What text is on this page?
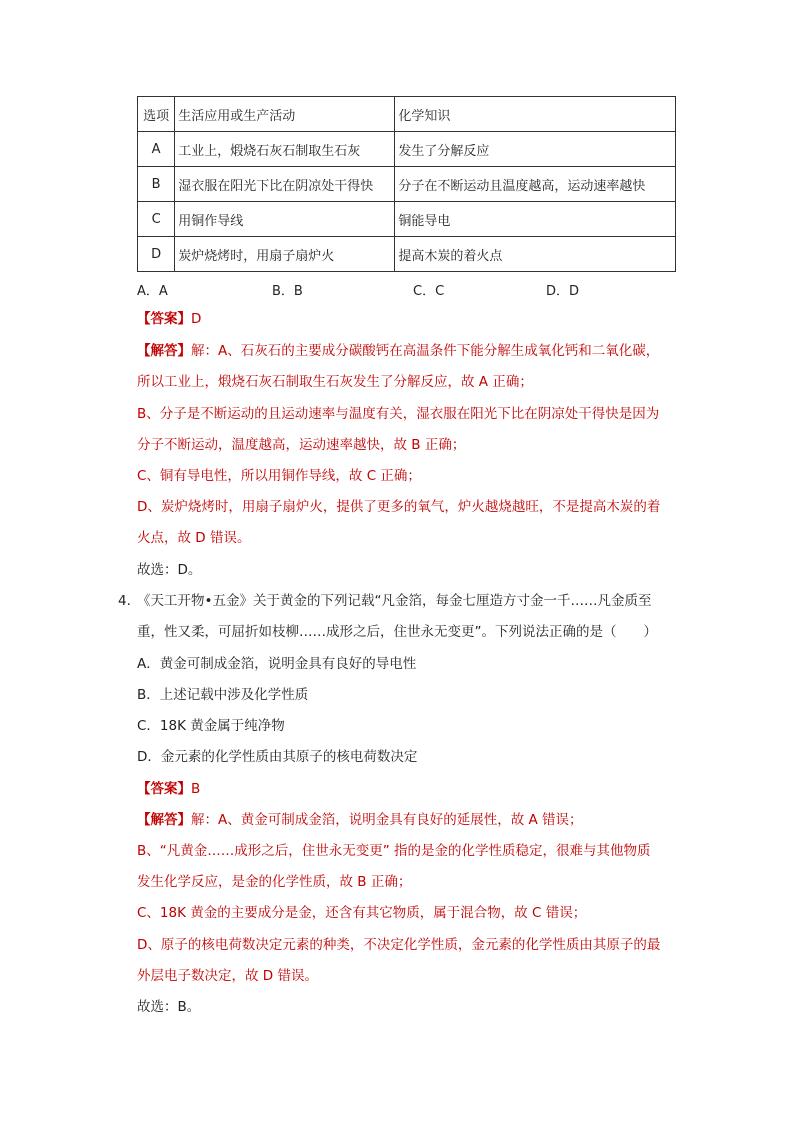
选项	生活应用或生产活动	化学知识
A	工业上，煅烧石灰石制取生石灰	发生了分解反应
B	湿衣服在阳光下比在阴凉处干得快	分子在不断运动且温度越高，运动速率越快
C	用铜作导线	铜能导电
D	炭炉烧烤时，用扇子扇炉火	提高木炭的着火点
A．A	B．B	C．C	D．D
【答案】D
【解答】解：A、石灰石的主要成分碳酸钙在高温条件下能分解生成氧化钙和二氧化碳，
所以工业上，煅烧石灰石制取生石灰发生了分解反应，故 A 正确；
B、分子是不断运动的且运动速率与温度有关，湿衣服在阳光下比在阴凉处干得快是因为
分子不断运动，温度越高，运动速率越快，故 B 正确；
C、铜有导电性，所以用铜作导线，故 C 正确；
D、炭炉烧烤时，用扇子扇炉火，提供了更多的氧气，炉火越烧越旺，不是提高木炭的着
火点，故 D 错误。
故选：D。
4. 《天工开物•五金》关于黄金的下列记载“凡金箔，每金七厘造方寸金一千……凡金质至
重，性又柔，可屈折如枝柳……成形之后，住世永无变更”。下列说法正确的是（　　）
A．黄金可制成金箔，说明金具有良好的导电性
B．上述记载中涉及化学性质
C．18K 黄金属于纯净物
D．金元素的化学性质由其原子的核电荷数决定
【答案】B
【解答】解：A、黄金可制成金箔，说明金具有良好的延展性，故 A 错误；
B、“凡黄金……成形之后，住世永无变更” 指的是金的化学性质稳定，很难与其他物质
发生化学反应，是金的化学性质，故 B 正确；
C、18K 黄金的主要成分是金，还含有其它物质，属于混合物，故 C 错误；
D、原子的核电荷数决定元素的种类，不决定化学性质，金元素的化学性质由其原子的最
外层电子数决定，故 D 错误。
故选：B。
